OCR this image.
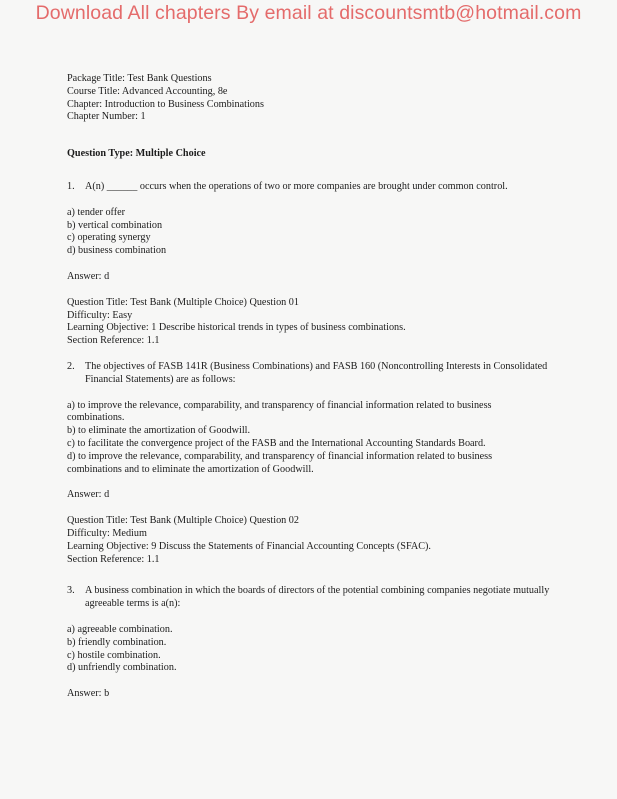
Download All chapters By email at discountsmtb@hotmail.com
Package Title: Test Bank Questions
Course Title: Advanced Accounting, 8e
Chapter: Introduction to Business Combinations
Chapter Number: 1
Question Type: Multiple Choice
1.	A(n) ______ occurs when the operations of two or more companies are brought under common control.
a) tender offer
b) vertical combination
c) operating synergy
d) business combination
Answer: d
Question Title: Test Bank (Multiple Choice) Question 01
Difficulty: Easy
Learning Objective: 1 Describe historical trends in types of business combinations.
Section Reference: 1.1
2.	The objectives of FASB 141R (Business Combinations) and FASB 160 (Noncontrolling Interests in Consolidated Financial Statements) are as follows:
a) to improve the relevance, comparability, and transparency of financial information related to business combinations.
b) to eliminate the amortization of Goodwill.
c) to facilitate the convergence project of the FASB and the International Accounting Standards Board.
d) to improve the relevance, comparability, and transparency of financial information related to business combinations and to eliminate the amortization of Goodwill.
Answer: d
Question Title: Test Bank (Multiple Choice) Question 02
Difficulty: Medium
Learning Objective: 9 Discuss the Statements of Financial Accounting Concepts (SFAC).
Section Reference: 1.1
3.	A business combination in which the boards of directors of the potential combining companies negotiate mutually agreeable terms is a(n):
a) agreeable combination.
b) friendly combination.
c) hostile combination.
d) unfriendly combination.
Answer: b
